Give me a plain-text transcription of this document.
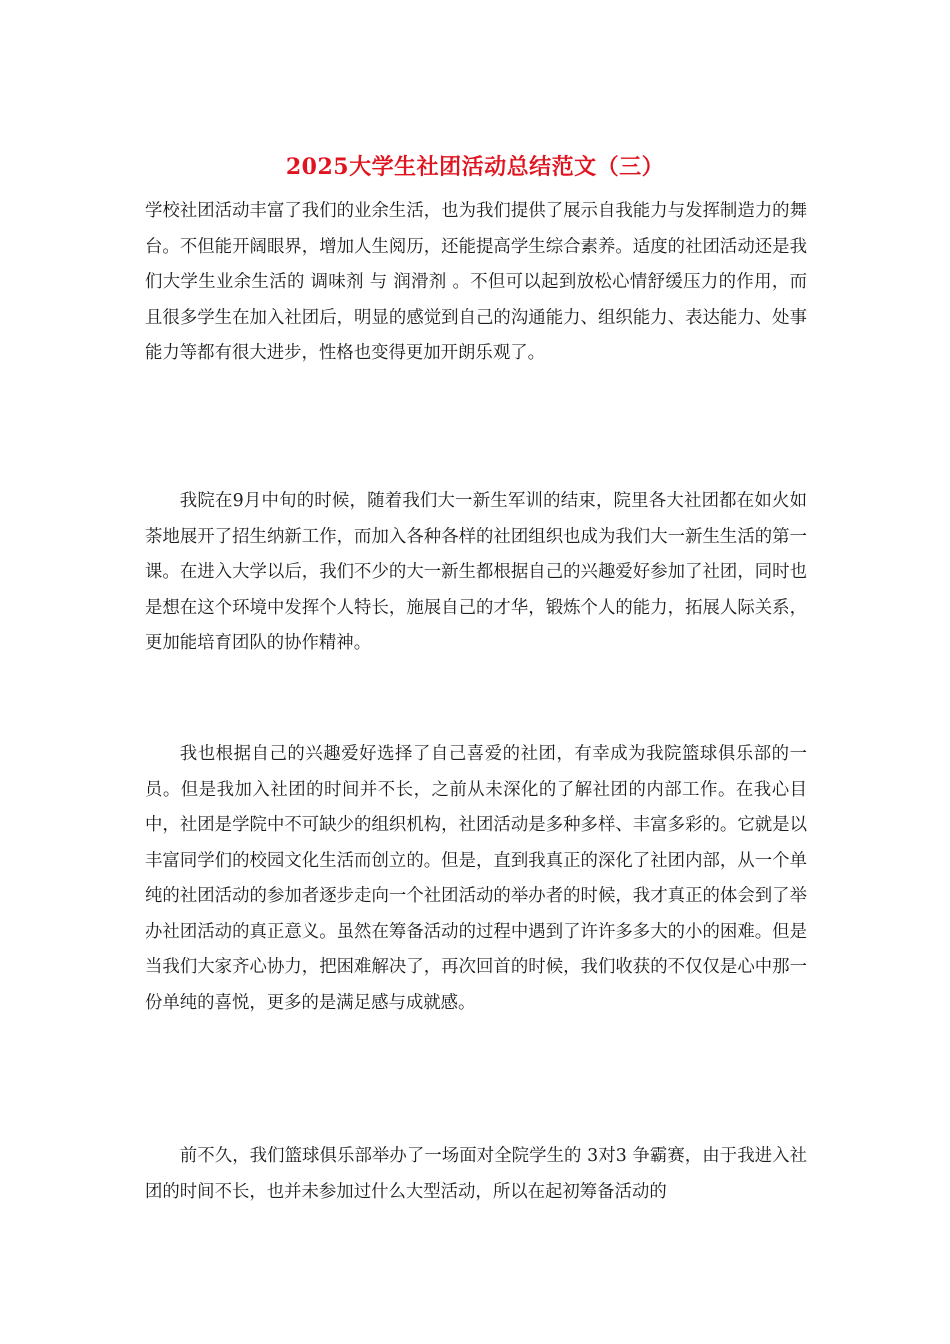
2025大学生社团活动总结范文（三）

学校社团活动丰富了我们的业余生活，也为我们提供了展示自我能力与发挥制造力的舞台。不但能开阔眼界，增加人生阅历，还能提高学生综合素养。适度的社团活动还是我们大学生业余生活的 调味剂 与 润滑剂 。不但可以起到放松心情舒缓压力的作用，而且很多学生在加入社团后，明显的感觉到自己的沟通能力、组织能力、表达能力、处事能力等都有很大进步，性格也变得更加开朗乐观了。

我院在9月中旬的时候，随着我们大一新生军训的结束，院里各大社团都在如火如荼地展开了招生纳新工作，而加入各种各样的社团组织也成为我们大一新生生活的第一课。在进入大学以后，我们不少的大一新生都根据自己的兴趣爱好参加了社团，同时也是想在这个环境中发挥个人特长，施展自己的才华，锻炼个人的能力，拓展人际关系，更加能培育团队的协作精神。

我也根据自己的兴趣爱好选择了自己喜爱的社团，有幸成为我院篮球俱乐部的一员。但是我加入社团的时间并不长，之前从未深化的了解社团的内部工作。在我心目中，社团是学院中不可缺少的组织机构，社团活动是多种多样、丰富多彩的。它就是以丰富同学们的校园文化生活而创立的。但是，直到我真正的深化了社团内部，从一个单纯的社团活动的参加者逐步走向一个社团活动的举办者的时候，我才真正的体会到了举办社团活动的真正意义。虽然在筹备活动的过程中遇到了许许多多大的小的困难。但是当我们大家齐心协力，把困难解决了，再次回首的时候，我们收获的不仅仅是心中那一份单纯的喜悦，更多的是满足感与成就感。

前不久，我们篮球俱乐部举办了一场面对全院学生的 3对3 争霸赛，由于我进入社团的时间不长，也并未参加过什么大型活动，所以在起初筹备活动的
